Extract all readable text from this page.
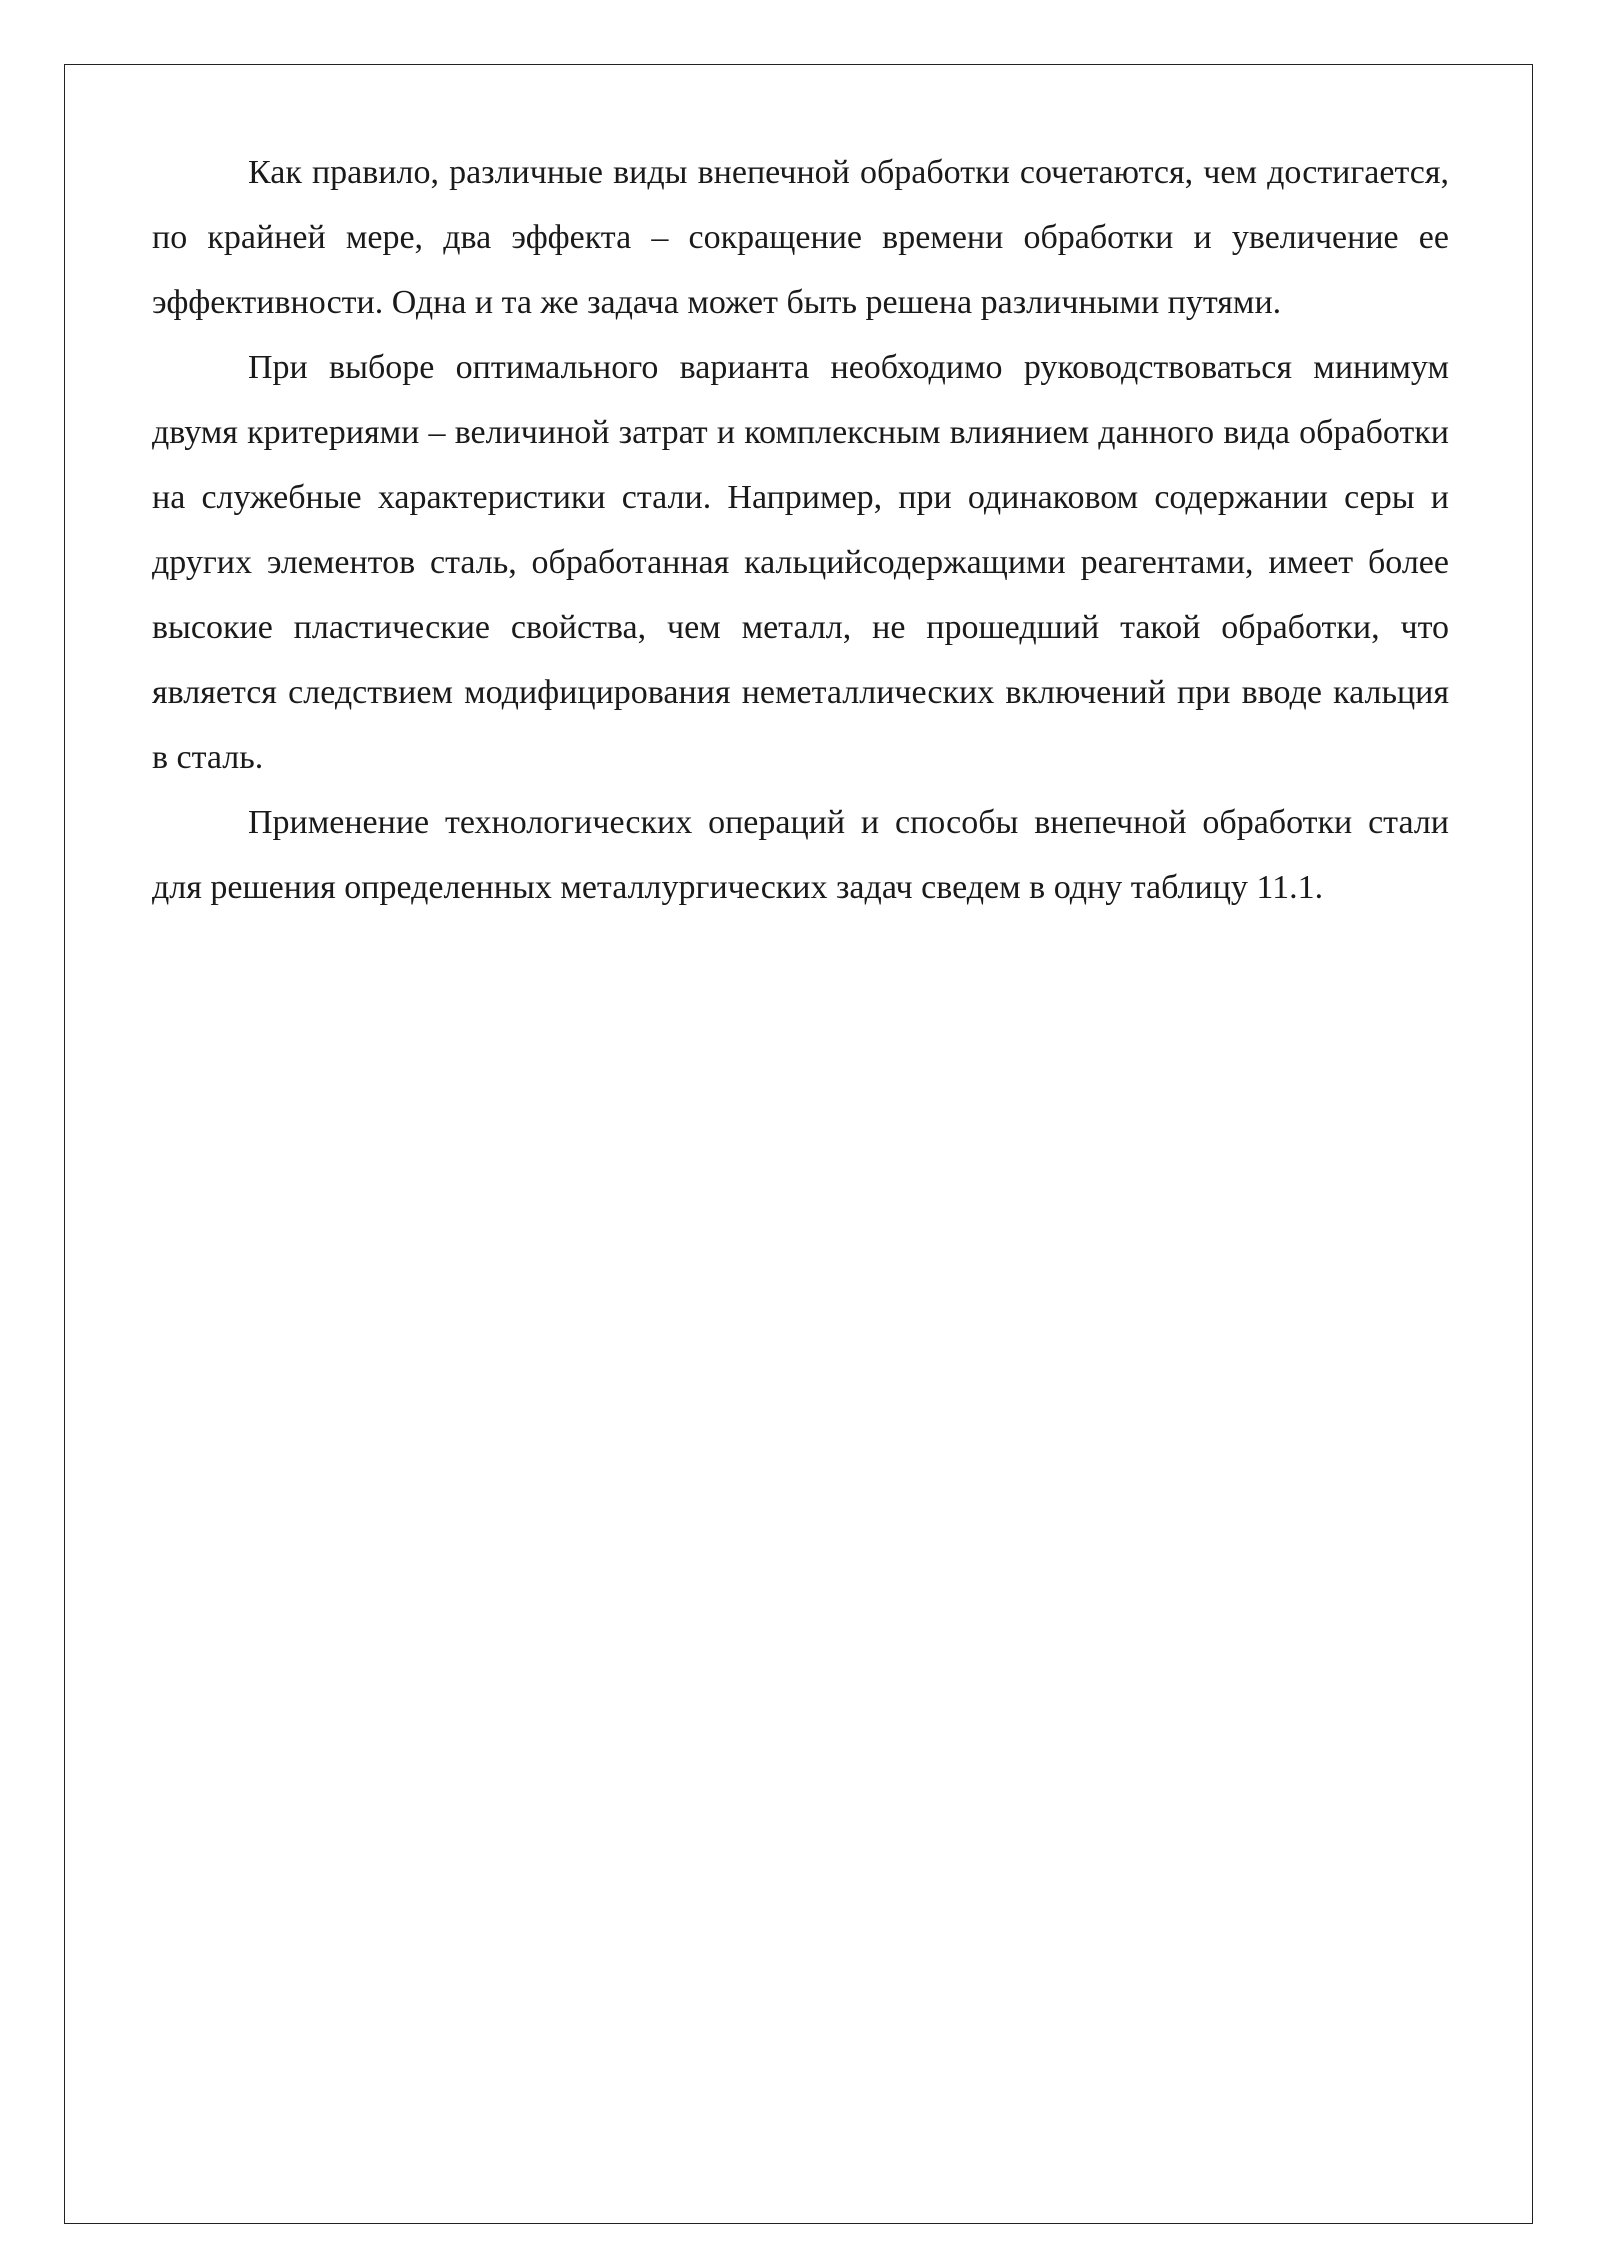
Как правило, различные виды внепечной обработки сочетаются, чем достигается, по крайней мере, два эффекта – сокращение времени обработки и увеличение ее эффективности. Одна и та же задача может быть решена различными путями.

При выборе оптимального варианта необходимо руководствоваться минимум двумя критериями – величиной затрат и комплексным влиянием данного вида обработки на служебные характеристики стали. Например, при одинаковом содержании серы и других элементов сталь, обработанная кальцийсодержащими реагентами, имеет более высокие пластические свойства, чем металл, не прошедший такой обработки, что является следствием модифицирования неметаллических включений при вводе кальция в сталь.

Применение технологических операций и способы внепечной обработки стали для решения определенных металлургических задач сведем в одну таблицу 11.1.
